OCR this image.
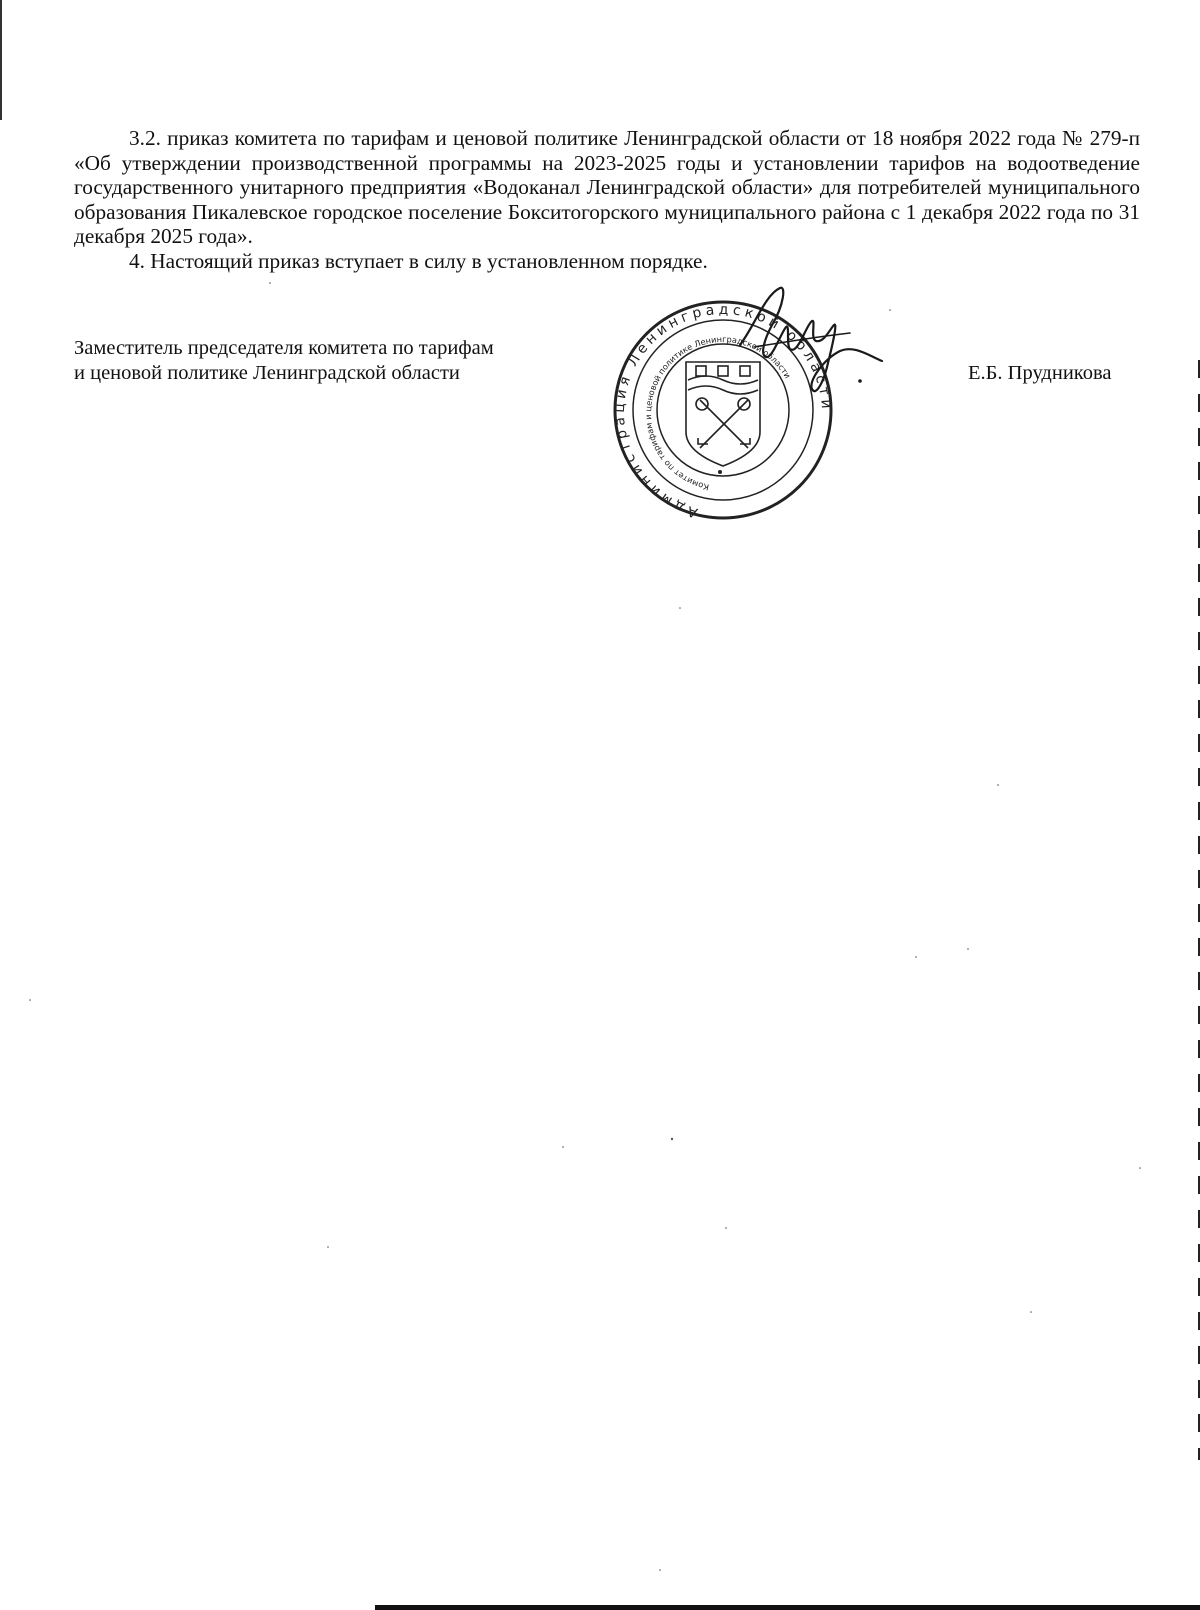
3.2. приказ комитета по тарифам и ценовой политике Ленинградской области от 18 ноября 2022 года № 279-п «Об утверждении производственной программы на 2023-2025 годы и установлении тарифов на водоотведение государственного унитарного предприятия «Водоканал Ленинградской области» для потребителей муниципального образования Пикалевское городское поселение Бокситогорского муниципального района с 1 декабря 2022 года по 31 декабря 2025 года».

4. Настоящий приказ вступает в силу в установленном порядке.

Заместитель председателя комитета по тарифам
и ценовой политике Ленинградской области
Администрация Ленинградской области
Комитет по тарифам и ценовой политике Ленинградской области	Е.Б. Прудникова
